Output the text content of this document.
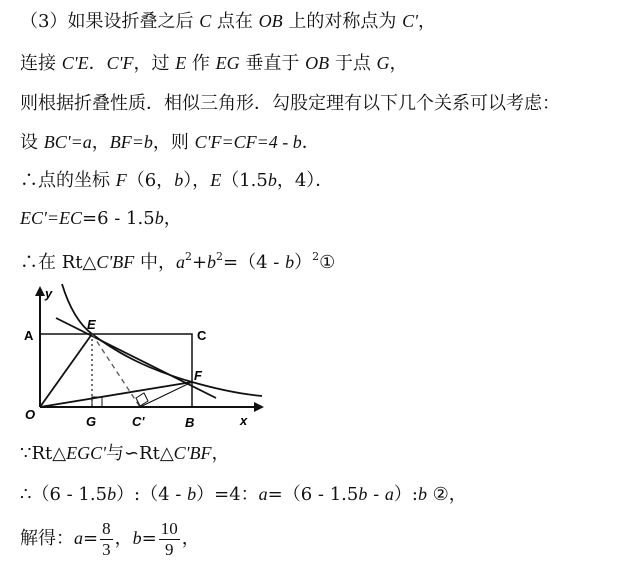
（3）如果设折叠之后 C 点在 OB 上的对称点为 C'，
连接 C'E．C'F，过 E 作 EG 垂直于 OB 于点 G，
则根据折叠性质．相似三角形．勾股定理有以下几个关系可以考虑：
设 BC'=a，BF=b，则 C'F=CF=4 - b．
∴点的坐标 F（6，b），E（1.5b，4）．
EC'=EC=6 - 1.5b，
∴在 Rt△C'BF 中，$a^2+b^2=(4$ - b）$^2$①
y
A	C
E
F
O	G	C'	B	x
∵Rt△EGC'与∽Rt△C'BF，
∴（6 - 1.5b）:（4 - b）=4：a=（6 - 1.5b - a）:b ②，
解得：$a= \frac{8}{3}$ ，$b= \frac{10}{9}$ ，
